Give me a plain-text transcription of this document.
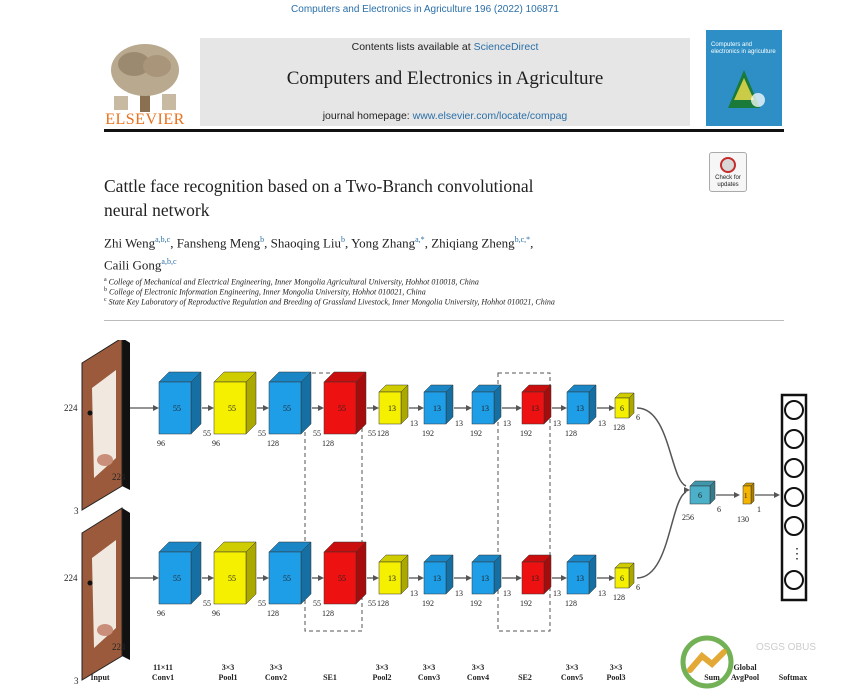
Computers and Electronics in Agriculture 196 (2022) 106871
ELSEVIER
Contents lists available at ScienceDirect
Computers and Electronics in Agriculture
journal homepage: www.elsevier.com/locate/compag
Computers and electronics in agriculture
Check for updates
Cattle face recognition based on a Two-Branch convolutional
neural network
Zhi Weng$^{a,b,c}$, Fansheng Meng$^b$, Shaoqing Liu$^b$, Yong Zhang$^{a,*}$, Zhiqiang Zheng$^{b,c,*}$,
Caili Gong$^{a,b,c}$
$^a$ College of Mechanical and Electrical Engineering, Inner Mongolia Agricultural University, Hohhot 010018, China
$^b$ College of Electronic Information Engineering, Inner Mongolia University, Hohhot 010021, China
$^c$ State Key Laboratory of Reproductive Regulation and Breeding of Grassland Livestock, Inner Mongolia University, Hohhot 010021, China
224
224
3
55
55
96
55
55
96
55
55
128
55
55
128
13
13
128
13
13
192
13
13
192
13
13
192
13
13
128
6
6
128
224
224
3
55
55
96
55
55
96
55
55
128
55
55
128
13
13
128
13
13
192
13
13
192
13
13
192
13
13
128
6
6
128
6
6
256
1
1
130
⋮
Input
11×11
Conv1
3×3
Pool1
3×3
Conv2	SE1
3×3
Pool2
3×3
Conv3
3×3
Conv4	SE2
3×3
Conv5
3×3
Pool3	Sum
Global
AvgPool Softmax
OSGS OBUS
